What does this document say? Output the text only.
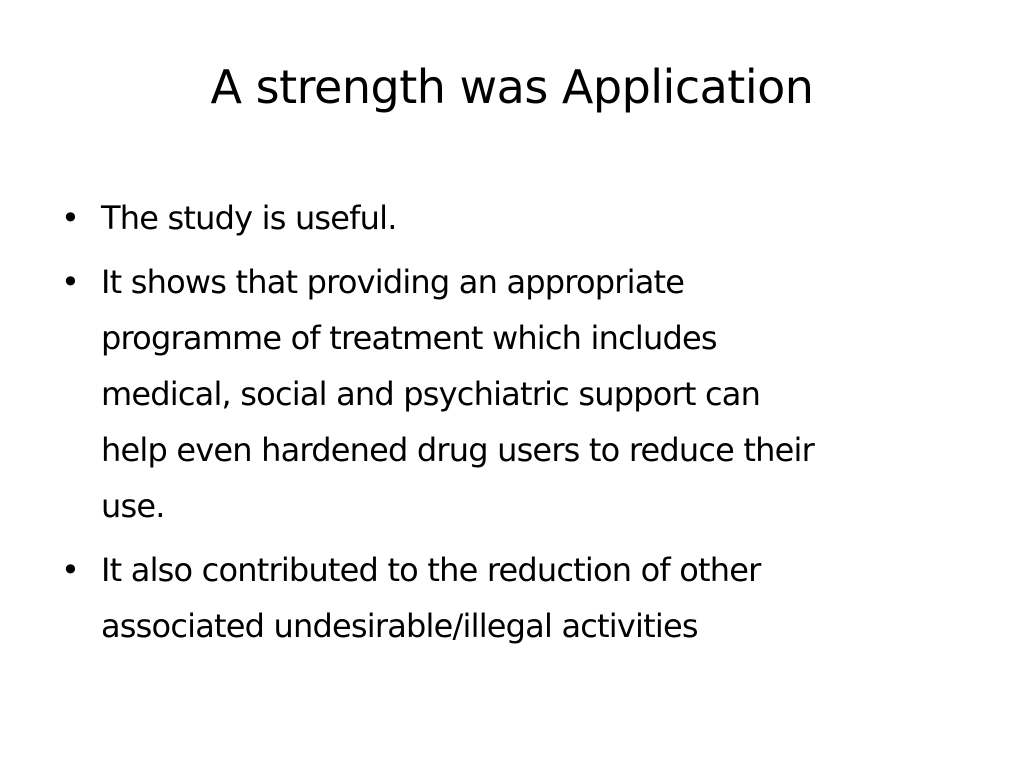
A strength was Application
• The study is useful.
• It shows that providing an appropriate
programme of treatment which includes
medical, social and psychiatric support can
help even hardened drug users to reduce their
use.
• It also contributed to the reduction of other
associated undesirable/illegal activities
